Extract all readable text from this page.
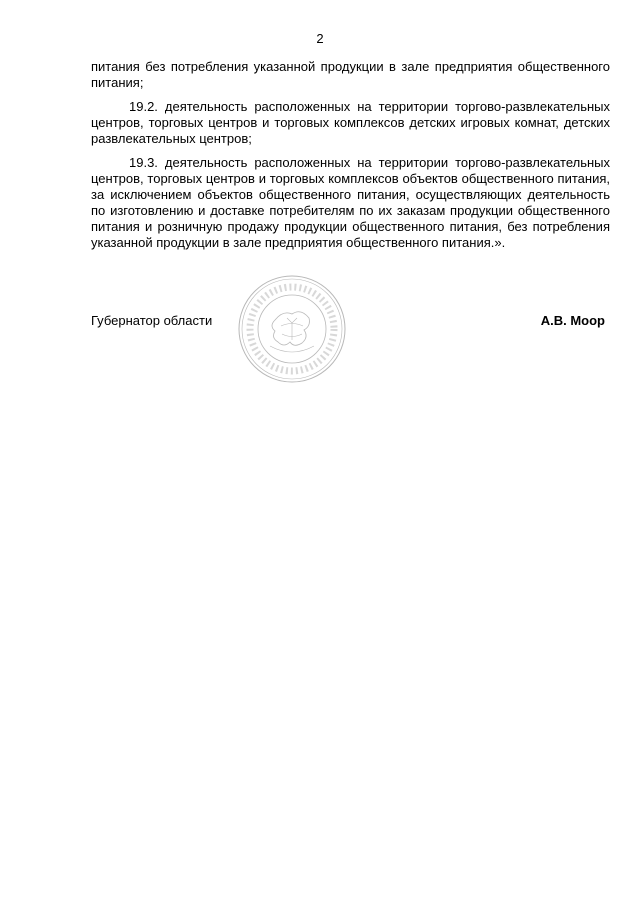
2

питания без потребления указанной продукции в зале предприятия общественного питания;

19.2. деятельность расположенных на территории торгово-развлекательных центров, торговых центров и торговых комплексов детских игровых комнат, детских развлекательных центров;

19.3. деятельность расположенных на территории торгово-развлекательных центров, торговых центров и торговых комплексов объектов общественного питания, за исключением объектов общественного питания, осуществляющих деятельность по изготовлению и доставке потребителям по их заказам продукции общественного питания и розничную продажу продукции общественного питания, без потребления указанной продукции в зале предприятия общественного питания.».

Губернатор области	А.В. Моор
